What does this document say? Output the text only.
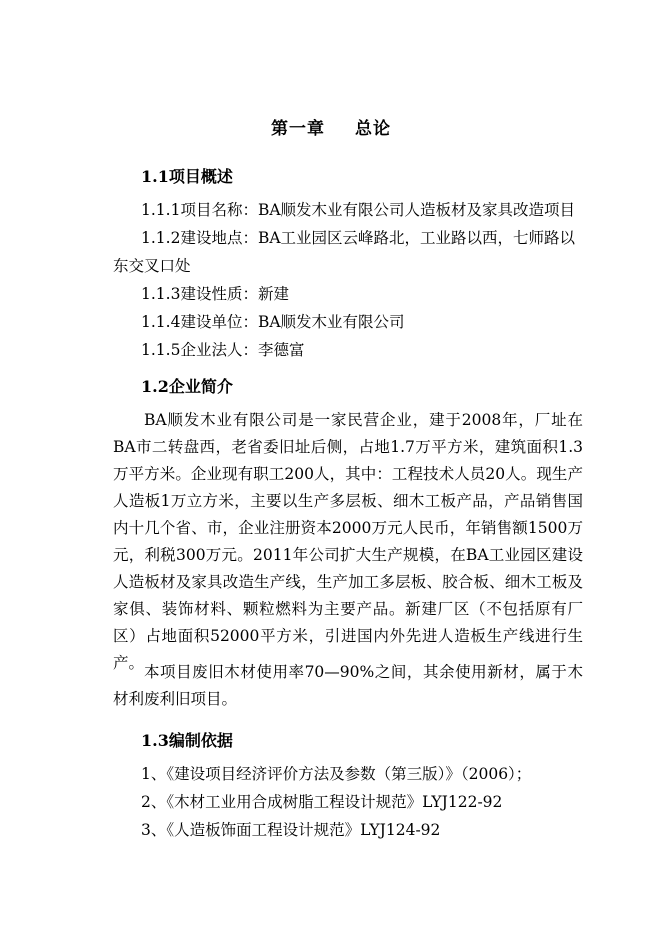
第一章 总论
1.1项目概述
1.1.1项目名称：BA顺发木业有限公司人造板材及家具改造项目
1.1.2建设地点：BA工业园区云峰路北，工业路以西，七师路以
东交叉口处
1.1.3建设性质：新建
1.1.4建设单位：BA顺发木业有限公司
1.1.5企业法人：李德富
1.2企业简介
BA顺发木业有限公司是一家民营企业，建于2008年，厂址在BA市二转盘西，老省委旧址后侧，占地1.7万平方米，建筑面积1.3万平方米。企业现有职工200人，其中：工程技术人员20人。现生产人造板1万立方米，主要以生产多层板、细木工板产品，产品销售国内十几个省、市，企业注册资本2000万元人民币，年销售额1500万元，利税300万元。2011年公司扩大生产规模，在BA工业园区建设人造板材及家具改造生产线，生产加工多层板、胶合板、细木工板及家俱、装饰材料、颗粒燃料为主要产品。新建厂区（不包括原有厂区）占地面积52000平方米，引进国内外先进人造板生产线进行生产。 本项目废旧木材使用率70—90%之间，其余使用新材，属于木材利废利旧项目。
1.3编制依据
1、《建设项目经济评价方法及参数（第三版）》（2006）；
2、《木材工业用合成树脂工程设计规范》LYJ122-92
3、《人造板饰面工程设计规范》LYJ124-92
